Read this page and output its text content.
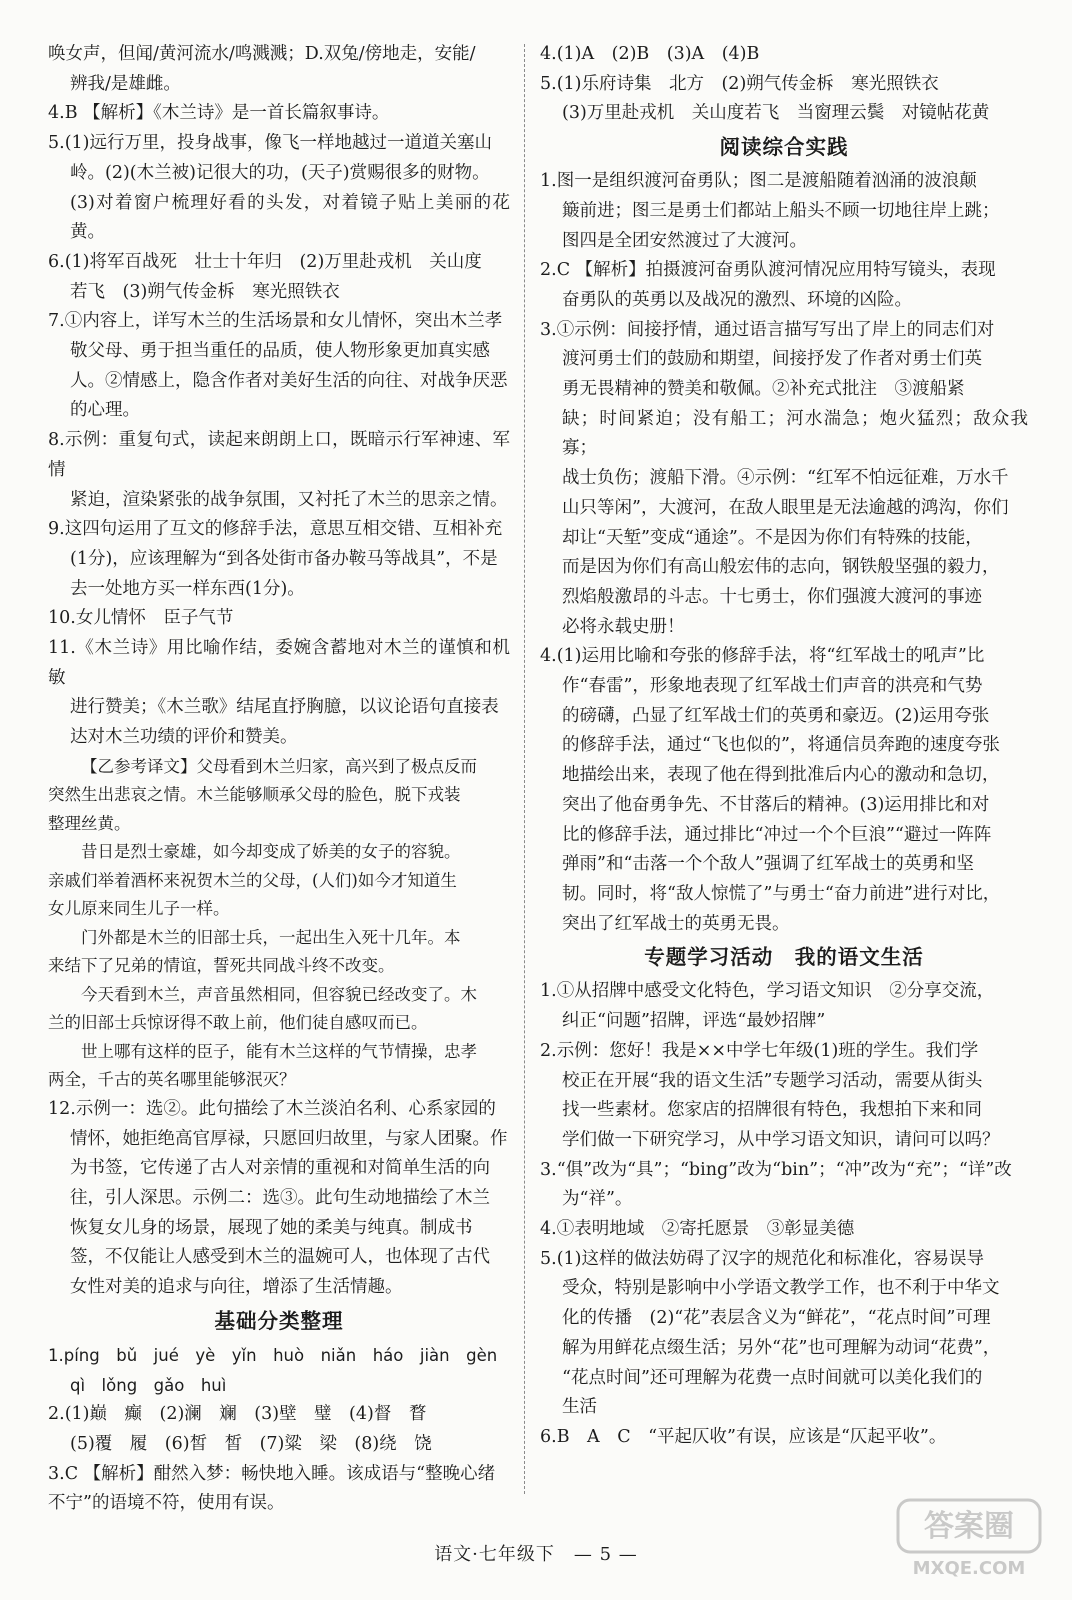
唤女声，但闻/黄河流水/鸣溅溅；D.双兔/傍地走，安能/
辨我/是雄雌。
4.B 【解析】《木兰诗》是一首长篇叙事诗。
5.(1)远行万里，投身战事，像飞一样地越过一道道关塞山
岭。(2)(木兰被)记很大的功，(天子)赏赐很多的财物。
(3)对着窗户梳理好看的头发，对着镜子贴上美丽的花黄。
6.(1)将军百战死　壮士十年归　(2)万里赴戎机　关山度
若飞　(3)朔气传金柝　寒光照铁衣
7.①内容上，详写木兰的生活场景和女儿情怀，突出木兰孝
敬父母、勇于担当重任的品质，使人物形象更加真实感
人。②情感上，隐含作者对美好生活的向往、对战争厌恶
的心理。
8.示例：重复句式，读起来朗朗上口，既暗示行军神速、军情
紧迫，渲染紧张的战争氛围，又衬托了木兰的思亲之情。
9.这四句运用了互文的修辞手法，意思互相交错、互相补充
(1分)，应该理解为“到各处街市备办鞍马等战具”，不是
去一处地方买一样东西(1分)。
10.女儿情怀　臣子气节
11.《木兰诗》用比喻作结，委婉含蓄地对木兰的谨慎和机敏
进行赞美；《木兰歌》结尾直抒胸臆，以议论语句直接表
达对木兰功绩的评价和赞美。
【乙参考译文】父母看到木兰归家，高兴到了极点反而
突然生出悲哀之情。木兰能够顺承父母的脸色，脱下戎装
整理丝黄。
昔日是烈士豪雄，如今却变成了娇美的女子的容貌。
亲戚们举着酒杯来祝贺木兰的父母，(人们)如今才知道生
女儿原来同生儿子一样。
门外都是木兰的旧部士兵，一起出生入死十几年。本
来结下了兄弟的情谊，誓死共同战斗终不改变。
今天看到木兰，声音虽然相同，但容貌已经改变了。木
兰的旧部士兵惊讶得不敢上前，他们徒自感叹而已。
世上哪有这样的臣子，能有木兰这样的气节情操，忠孝
两全，千古的英名哪里能够泯灭？
12.示例一：选②。此句描绘了木兰淡泊名利、心系家园的
情怀，她拒绝高官厚禄，只愿回归故里，与家人团聚。作
为书签，它传递了古人对亲情的重视和对简单生活的向
往，引人深思。示例二：选③。此句生动地描绘了木兰
恢复女儿身的场景，展现了她的柔美与纯真。制成书
签，不仅能让人感受到木兰的温婉可人，也体现了古代
女性对美的追求与向往，增添了生活情趣。
基础分类整理
1.píng　bǔ　jué　yè　yǐn　huò　niǎn　háo　jiàn　gèn
qì　lǒng　gǎo　huì
2.(1)巅　癫　(2)澜　斓　(3)壁　璧　(4)督　瞀
(5)覆　履　(6)皙　皙　(7)粱　梁　(8)绕　饶
3.C 【解析】酣然入梦：畅快地入睡。该成语与“整晚心绪
不宁”的语境不符，使用有误。
4.(1)A　(2)B　(3)A　(4)B
5.(1)乐府诗集　北方　(2)朔气传金柝　寒光照铁衣
(3)万里赴戎机　关山度若飞　当窗理云鬓　对镜帖花黄
阅读综合实践
1.图一是组织渡河奋勇队；图二是渡船随着汹涌的波浪颠
簸前进；图三是勇士们都站上船头不顾一切地往岸上跳；
图四是全团安然渡过了大渡河。
2.C 【解析】拍摄渡河奋勇队渡河情况应用特写镜头，表现
奋勇队的英勇以及战况的激烈、环境的凶险。
3.①示例：间接抒情，通过语言描写写出了岸上的同志们对
渡河勇士们的鼓励和期望，间接抒发了作者对勇士们英
勇无畏精神的赞美和敬佩。②补充式批注　③渡船紧
缺；时间紧迫；没有船工；河水湍急；炮火猛烈；敌众我寡；
战士负伤；渡船下滑。④示例：“红军不怕远征难，万水千
山只等闲”，大渡河，在敌人眼里是无法逾越的鸿沟，你们
却让“天堑”变成“通途”。不是因为你们有特殊的技能，
而是因为你们有高山般宏伟的志向，钢铁般坚强的毅力，
烈焰般激昂的斗志。十七勇士，你们强渡大渡河的事迹
必将永载史册！
4.(1)运用比喻和夸张的修辞手法，将“红军战士的吼声”比
作“春雷”，形象地表现了红军战士们声音的洪亮和气势
的磅礴，凸显了红军战士们的英勇和豪迈。(2)运用夸张
的修辞手法，通过“飞也似的”，将通信员奔跑的速度夸张
地描绘出来，表现了他在得到批准后内心的激动和急切，
突出了他奋勇争先、不甘落后的精神。(3)运用排比和对
比的修辞手法，通过排比“冲过一个个巨浪”“避过一阵阵
弹雨”和“击落一个个敌人”强调了红军战士的英勇和坚
韧。同时，将“敌人惊慌了”与勇士“奋力前进”进行对比，
突出了红军战士的英勇无畏。
专题学习活动　我的语文生活
1.①从招牌中感受文化特色，学习语文知识　②分享交流，
纠正“问题”招牌，评选“最妙招牌”
2.示例：您好！我是××中学七年级(1)班的学生。我们学
校正在开展“我的语文生活”专题学习活动，需要从街头
找一些素材。您家店的招牌很有特色，我想拍下来和同
学们做一下研究学习，从中学习语文知识，请问可以吗？
3.“俱”改为“具”；“bing”改为“bin”；“冲”改为“充”；“详”改
为“祥”。
4.①表明地域　②寄托愿景　③彰显美德
5.(1)这样的做法妨碍了汉字的规范化和标准化，容易误导
受众，特别是影响中小学语文教学工作，也不利于中华文
化的传播　(2)“花”表层含义为“鲜花”，“花点时间”可理
解为用鲜花点缀生活；另外“花”也可理解为动词“花费”，
“花点时间”还可理解为花费一点时间就可以美化我们的
生活
6.B　A　C　“平起仄收”有误，应该是“仄起平收”。
语文·七年级下　— 5 —
答案圈
MXQE.COM
